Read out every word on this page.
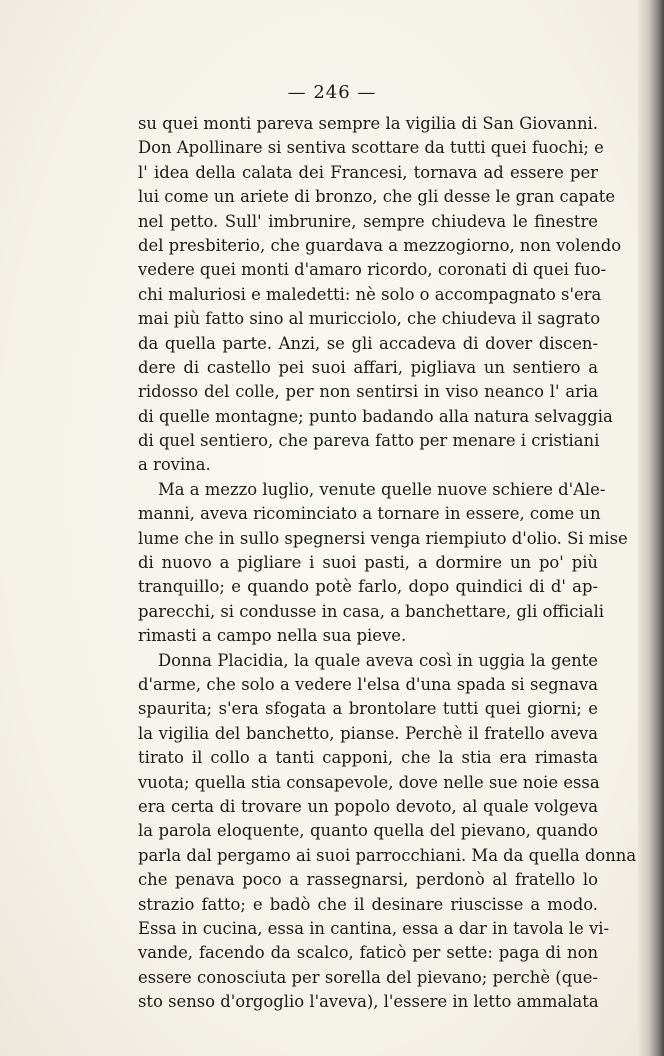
— 246 —
su quei monti pareva sempre la vigilia di San Giovanni.
Don Apollinare si sentiva scottare da tutti quei fuochi; e
l' idea della calata dei Francesi, tornava ad essere per
lui come un ariete di bronzo, che gli desse le gran capate
nel petto. Sull' imbrunire, sempre chiudeva le finestre
del presbiterio, che guardava a mezzogiorno, non volendo
vedere quei monti d'amaro ricordo, coronati di quei fuo-
chi maluriosi e maledetti: nè solo o accompagnato s'era
mai più fatto sino al muricciolo, che chiudeva il sagrato
da quella parte. Anzi, se gli accadeva di dover discen-
dere di castello pei suoi affari, pigliava un sentiero a
ridosso del colle, per non sentirsi in viso neanco l' aria
di quelle montagne; punto badando alla natura selvaggia
di quel sentiero, che pareva fatto per menare i cristiani
a rovina.
Ma a mezzo luglio, venute quelle nuove schiere d'Ale-
manni, aveva ricominciato a tornare in essere, come un
lume che in sullo spegnersi venga riempiuto d'olio. Si mise
di nuovo a pigliare i suoi pasti, a dormire un po' più
tranquillo; e quando potè farlo, dopo quindici di d' ap-
parecchi, si condusse in casa, a banchettare, gli officiali
rimasti a campo nella sua pieve.
Donna Placidia, la quale aveva così in uggia la gente
d'arme, che solo a vedere l'elsa d'una spada si segnava
spaurita; s'era sfogata a brontolare tutti quei giorni; e
la vigilia del banchetto, pianse. Perchè il fratello aveva
tirato il collo a tanti capponi, che la stia era rimasta
vuota; quella stia consapevole, dove nelle sue noie essa
era certa di trovare un popolo devoto, al quale volgeva
la parola eloquente, quanto quella del pievano, quando
parla dal pergamo ai suoi parrocchiani. Ma da quella donna
che penava poco a rassegnarsi, perdonò al fratello lo
strazio fatto; e badò che il desinare riuscisse a modo.
Essa in cucina, essa in cantina, essa a dar in tavola le vi-
vande, facendo da scalco, faticò per sette: paga di non
essere conosciuta per sorella del pievano; perchè (que-
sto senso d'orgoglio l'aveva), l'essere in letto ammalata
